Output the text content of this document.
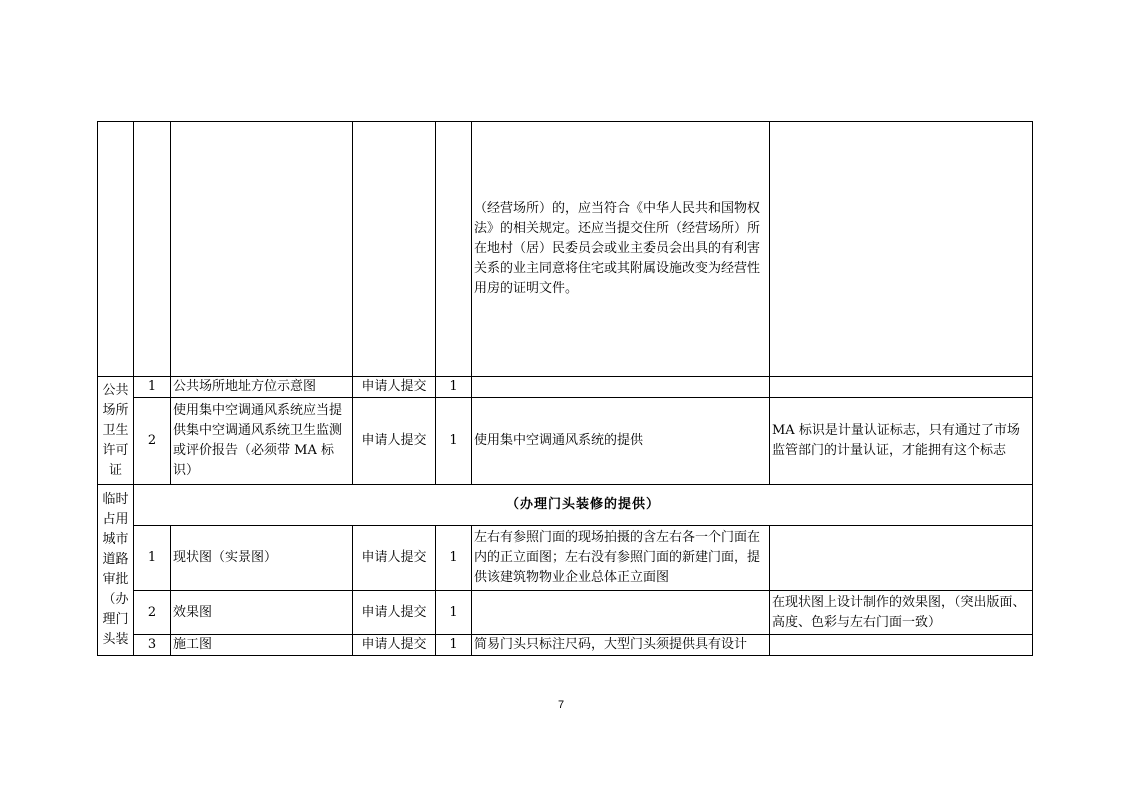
					（经营场所）的，应当符合《中华人民共和国物权法》的相关规定。还应当提交住所（经营场所）所在地村（居）民委员会或业主委员会出具的有利害关系的业主同意将住宅或其附属设施改变为经营性用房的证明文件。	
公共场所卫生许可证	1	公共场所地址方位示意图	申请人提交	1		
	2	使用集中空调通风系统应当提供集中空调通风系统卫生监测或评价报告（必须带 MA 标识）	申请人提交	1	使用集中空调通风系统的提供	MA 标识是计量认证标志，只有通过了市场监管部门的计量认证，才能拥有这个标志
临时占用城市道路审批（办理门头装	（办理门头装修的提供）					
	1	现状图（实景图）	申请人提交	1	左右有参照门面的现场拍摄的含左右各一个门面在内的正立面图；左右没有参照门面的新建门面，提供该建筑物物业企业总体正立面图	
	2	效果图	申请人提交	1		在现状图上设计制作的效果图，（突出版面、高度、色彩与左右门面一致）
	3	施工图	申请人提交	1	简易门头只标注尺码，大型门头须提供具有设计	
7
